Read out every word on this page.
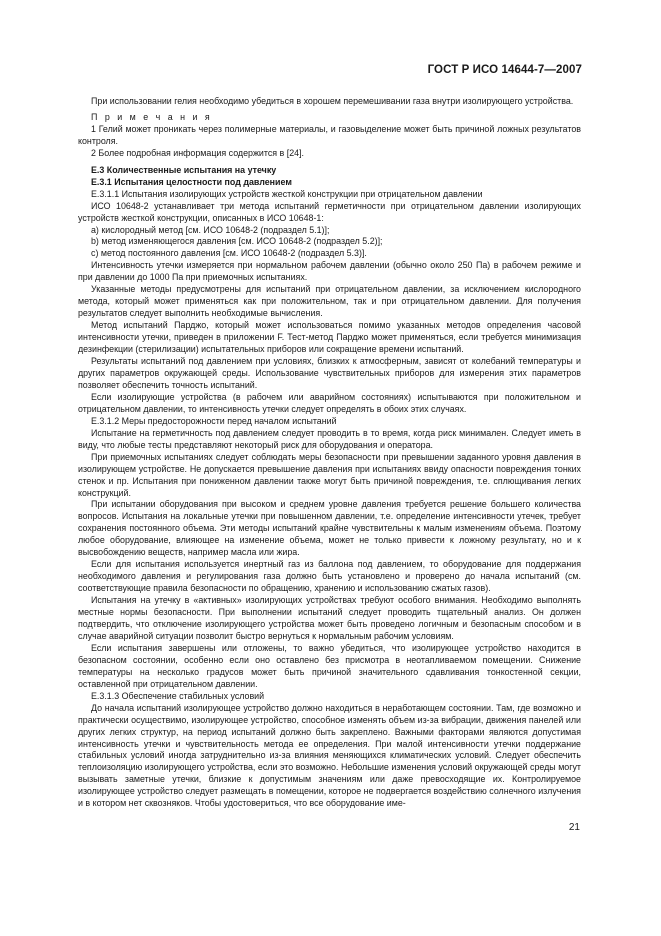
ГОСТ Р ИСО 14644-7—2007

При использовании гелия необходимо убедиться в хорошем перемешивании газа внутри изолирующего устройства.

П р и м е ч а н и я

1 Гелий может проникать через полимерные материалы, и газовыделение может быть причиной ложных результатов контроля.

2 Более подробная информация содержится в [24].

Е.3 Количественные испытания на утечку

Е.3.1 Испытания целостности под давлением

Е.3.1.1 Испытания изолирующих устройств жесткой конструкции при отрицательном давлении

ИСО 10648-2 устанавливает три метода испытаний герметичности при отрицательном давлении изолирующих устройств жесткой конструкции, описанных в ИСО 10648-1:

а) кислородный метод [см. ИСО 10648-2 (подраздел 5.1)];

b) метод изменяющегося давления [см. ИСО 10648-2 (подраздел 5.2)];

с) метод постоянного давления [см. ИСО 10648-2 (подраздел 5.3)].

Интенсивность утечки измеряется при нормальном рабочем давлении (обычно около 250 Па) в рабочем режиме и при давлении до 1000 Па при приемочных испытаниях.

Указанные методы предусмотрены для испытаний при отрицательном давлении, за исключением кислородного метода, который может применяться как при положительном, так и при отрицательном давлении. Для получения результатов следует выполнить необходимые вычисления.

Метод испытаний Парджо, который может использоваться помимо указанных методов определения часовой интенсивности утечки, приведен в приложении F. Тест-метод Парджо может применяться, если требуется минимизация дезинфекции (стерилизации) испытательных приборов или сокращение времени испытаний.

Результаты испытаний под давлением при условиях, близких к атмосферным, зависят от колебаний температуры и других параметров окружающей среды. Использование чувствительных приборов для измерения этих параметров позволяет обеспечить точность испытаний.

Если изолирующие устройства (в рабочем или аварийном состояниях) испытываются при положительном и отрицательном давлении, то интенсивность утечки следует определять в обоих этих случаях.

Е.3.1.2 Меры предосторожности перед началом испытаний

Испытание на герметичность под давлением следует проводить в то время, когда риск минимален. Следует иметь в виду, что любые тесты представляют некоторый риск для оборудования и оператора.

При приемочных испытаниях следует соблюдать меры безопасности при превышении заданного уровня давления в изолирующем устройстве. Не допускается превышение давления при испытаниях ввиду опасности повреждения тонких стенок и пр. Испытания при пониженном давлении также могут быть причиной повреждения, т.е. сплющивания легких конструкций.

При испытании оборудования при высоком и среднем уровне давления требуется решение большего количества вопросов. Испытания на локальные утечки при повышенном давлении, т.е. определение интенсивности утечек, требует сохранения постоянного объема. Эти методы испытаний крайне чувствительны к малым изменениям объема. Поэтому любое оборудование, влияющее на изменение объема, может не только привести к ложному результату, но и к высвобождению веществ, например масла или жира.

Если для испытания используется инертный газ из баллона под давлением, то оборудование для поддержания необходимого давления и регулирования газа должно быть установлено и проверено до начала испытаний (см. соответствующие правила безопасности по обращению, хранению и использованию сжатых газов).

Испытания на утечку в «активных» изолирующих устройствах требуют особого внимания. Необходимо выполнять местные нормы безопасности. При выполнении испытаний следует проводить тщательный анализ. Он должен подтвердить, что отключение изолирующего устройства может быть проведено логичным и безопасным способом и в случае аварийной ситуации позволит быстро вернуться к нормальным рабочим условиям.

Если испытания завершены или отложены, то важно убедиться, что изолирующее устройство находится в безопасном состоянии, особенно если оно оставлено без присмотра в неотапливаемом помещении. Снижение температуры на несколько градусов может быть причиной значительного сдавливания тонкостенной секции, оставленной при отрицательном давлении.

Е.3.1.3 Обеспечение стабильных условий

До начала испытаний изолирующее устройство должно находиться в неработающем состоянии. Там, где возможно и практически осуществимо, изолирующее устройство, способное изменять объем из-за вибрации, движения панелей или других легких структур, на период испытаний должно быть закреплено. Важными факторами являются допустимая интенсивность утечки и чувствительность метода ее определения. При малой интенсивности утечки поддержание стабильных условий иногда затруднительно из-за влияния меняющихся климатических условий. Следует обеспечить теплоизоляцию изолирующего устройства, если это возможно. Небольшие изменения условий окружающей среды могут вызывать заметные утечки, близкие к допустимым значениям или даже превосходящие их. Контролируемое изолирующее устройство следует размещать в помещении, которое не подвергается воздействию солнечного излучения и в котором нет сквозняков. Чтобы удостовериться, что все оборудование име-

21
